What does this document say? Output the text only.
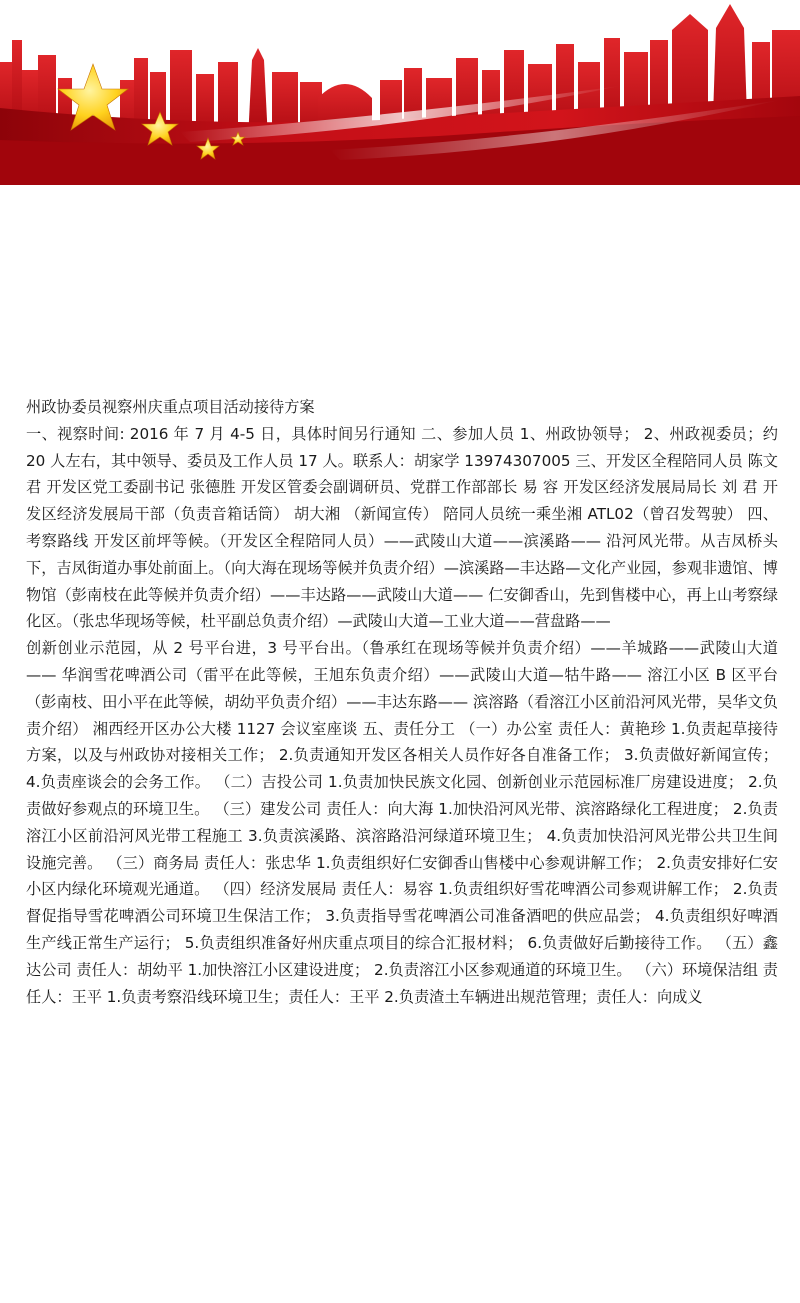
州政协委员视察州庆重点项目活动接待方案

一、视察时间: 2016 年 7 月 4-5 日，具体时间另行通知 二、参加人员 1、州政协领导； 2、州政视委员；约 20 人左右，其中领导、委员及工作人员 17 人。联系人：胡家学 13974307005 三、开发区全程陪同人员 陈文君 开发区党工委副书记 张德胜 开发区管委会副调研员、党群工作部部长 易 容 开发区经济发展局局长 刘 君 开发区经济发展局干部（负责音箱话筒） 胡大湘 （新闻宣传） 陪同人员统一乘坐湘 ATL02（曾召发驾驶） 四、考察路线 开发区前坪等候。（开发区全程陪同人员）——武陵山大道——滨溪路—— 沿河风光带。从吉凤桥头下，吉凤街道办事处前面上。（向大海在现场等候并负责介绍）—滨溪路—丰达路—文化产业园，参观非遗馆、博物馆（彭南枝在此等候并负责介绍）——丰达路——武陵山大道—— 仁安御香山，先到售楼中心，再上山考察绿化区。（张忠华现场等候，杜平副总负责介绍）—武陵山大道—工业大道——营盘路——

创新创业示范园，从 2 号平台进，3 号平台出。（鲁承红在现场等候并负责介绍）——羊城路——武陵山大道—— 华润雪花啤酒公司（雷平在此等候，王旭东负责介绍）——武陵山大道—牯牛路—— 溶江小区 B 区平台（彭南枝、田小平在此等候，胡幼平负责介绍）——丰达东路—— 滨溶路（看溶江小区前沿河风光带，吴华文负责介绍） 湘西经开区办公大楼 1127 会议室座谈 五、责任分工 （一）办公室 责任人：黄艳珍 1.负责起草接待方案，以及与州政协对接相关工作； 2.负责通知开发区各相关人员作好各自准备工作； 3.负责做好新闻宣传； 4.负责座谈会的会务工作。 （二）吉投公司 1.负责加快民族文化园、创新创业示范园标准厂房建设进度； 2.负责做好参观点的环境卫生。 （三）建发公司 责任人：向大海 1.加快沿河风光带、滨溶路绿化工程进度； 2.负责溶江小区前沿河风光带工程施工 3.负责滨溪路、滨溶路沿河绿道环境卫生； 4.负责加快沿河风光带公共卫生间设施完善。 （三）商务局 责任人：张忠华 1.负责组织好仁安御香山售楼中心参观讲解工作； 2.负责安排好仁安小区内绿化环境观光通道。 （四）经济发展局 责任人：易容 1.负责组织好雪花啤酒公司参观讲解工作； 2.负责督促指导雪花啤酒公司环境卫生保洁工作； 3.负责指导雪花啤酒公司准备酒吧的供应品尝； 4.负责组织好啤酒生产线正常生产运行； 5.负责组织准备好州庆重点项目的综合汇报材料； 6.负责做好后勤接待工作。 （五）鑫达公司 责任人：胡幼平 1.加快溶江小区建设进度； 2.负责溶江小区参观通道的环境卫生。 （六）环境保洁组 责任人：王平 1.负责考察沿线环境卫生；责任人：王平 2.负责渣土车辆进出规范管理；责任人：向成义
